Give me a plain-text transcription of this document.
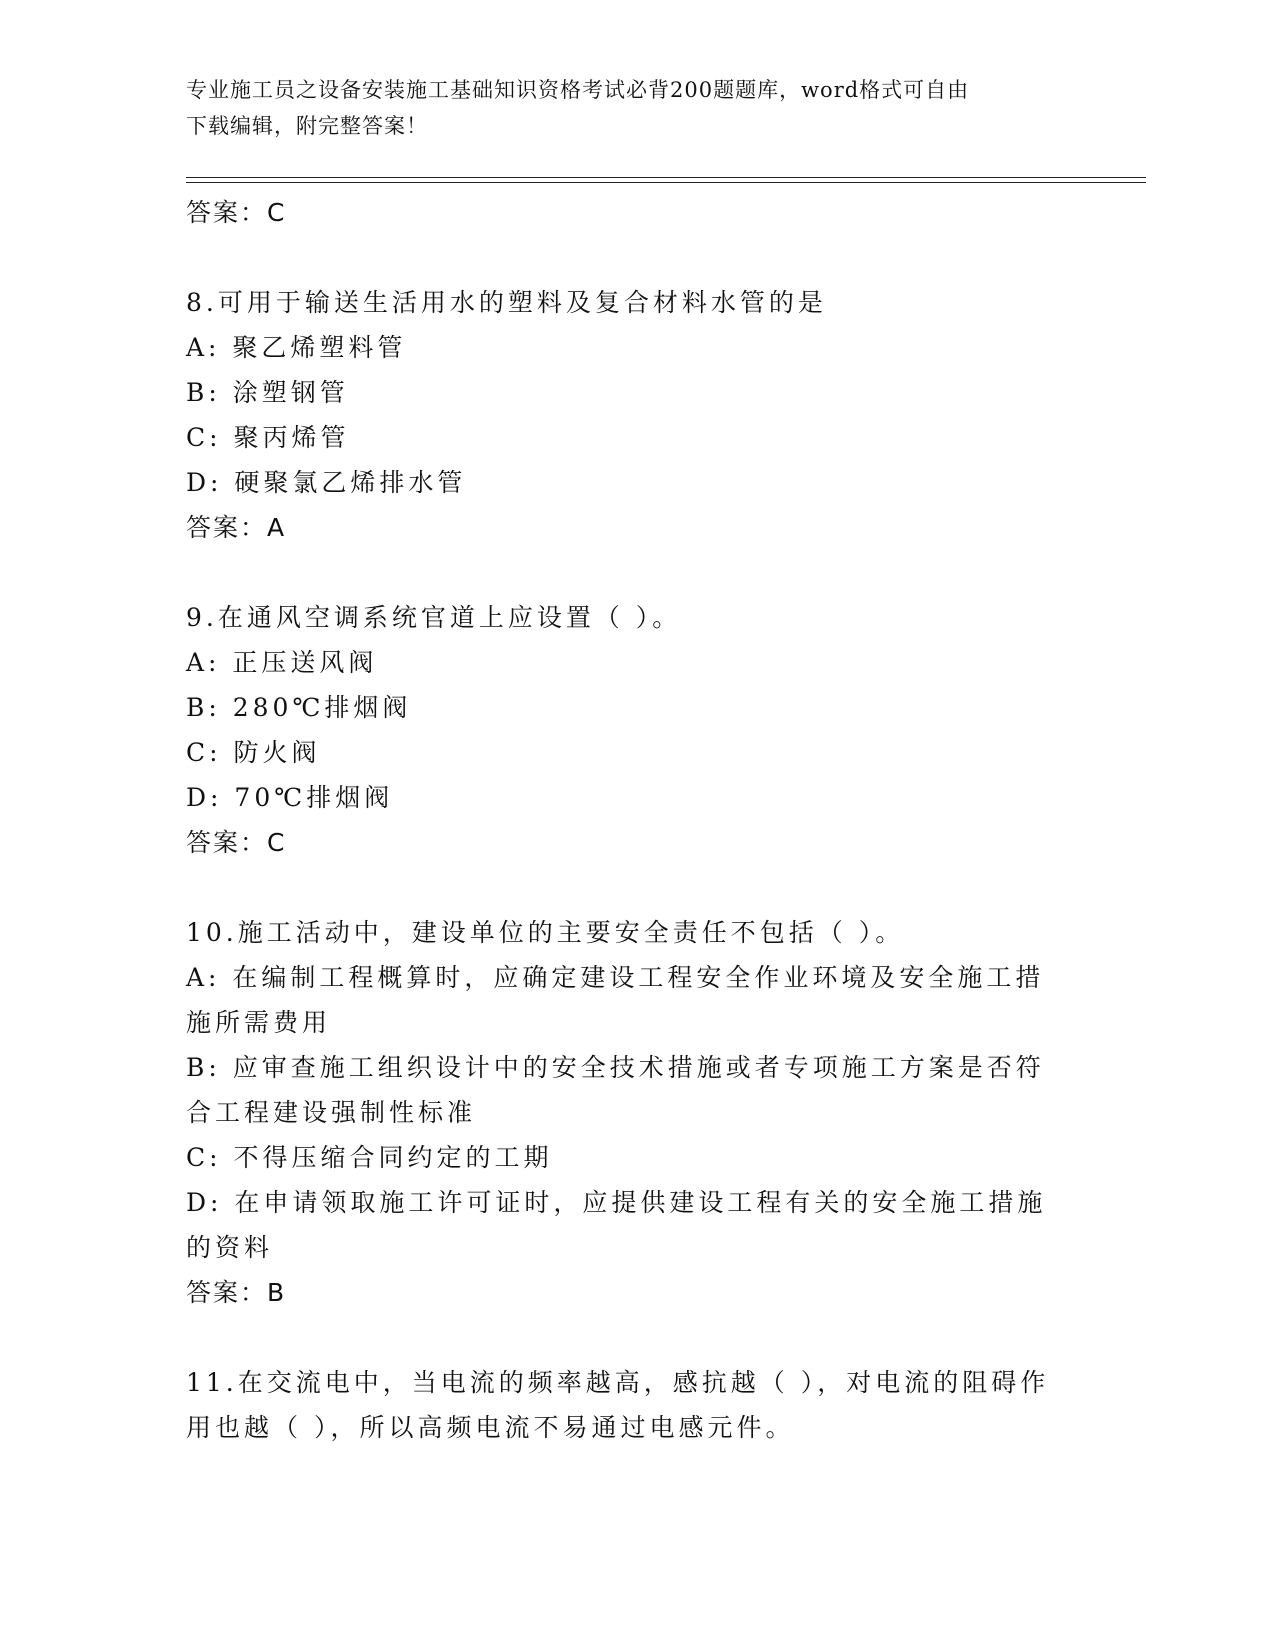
专业施工员之设备安装施工基础知识资格考试必背200题题库，word格式可自由
下载编辑，附完整答案！
答案：C
8.可用于输送生活用水的塑料及复合材料水管的是
A: 聚乙烯塑料管
B: 涂塑钢管
C: 聚丙烯管
D: 硬聚氯乙烯排水管
答案：A
9.在通风空调系统官道上应设置（ ）。
A: 正压送风阀
B: 280℃排烟阀
C: 防火阀
D: 70℃排烟阀
答案：C
10.施工活动中，建设单位的主要安全责任不包括（ ）。
A: 在编制工程概算时，应确定建设工程安全作业环境及安全施工措施所需费用
B: 应审查施工组织设计中的安全技术措施或者专项施工方案是否符合工程建设强制性标准
C: 不得压缩合同约定的工期
D: 在申请领取施工许可证时，应提供建设工程有关的安全施工措施的资料
答案：B
11.在交流电中，当电流的频率越高，感抗越（ ），对电流的阻碍作用也越（ ），所以高频电流不易通过电感元件。
